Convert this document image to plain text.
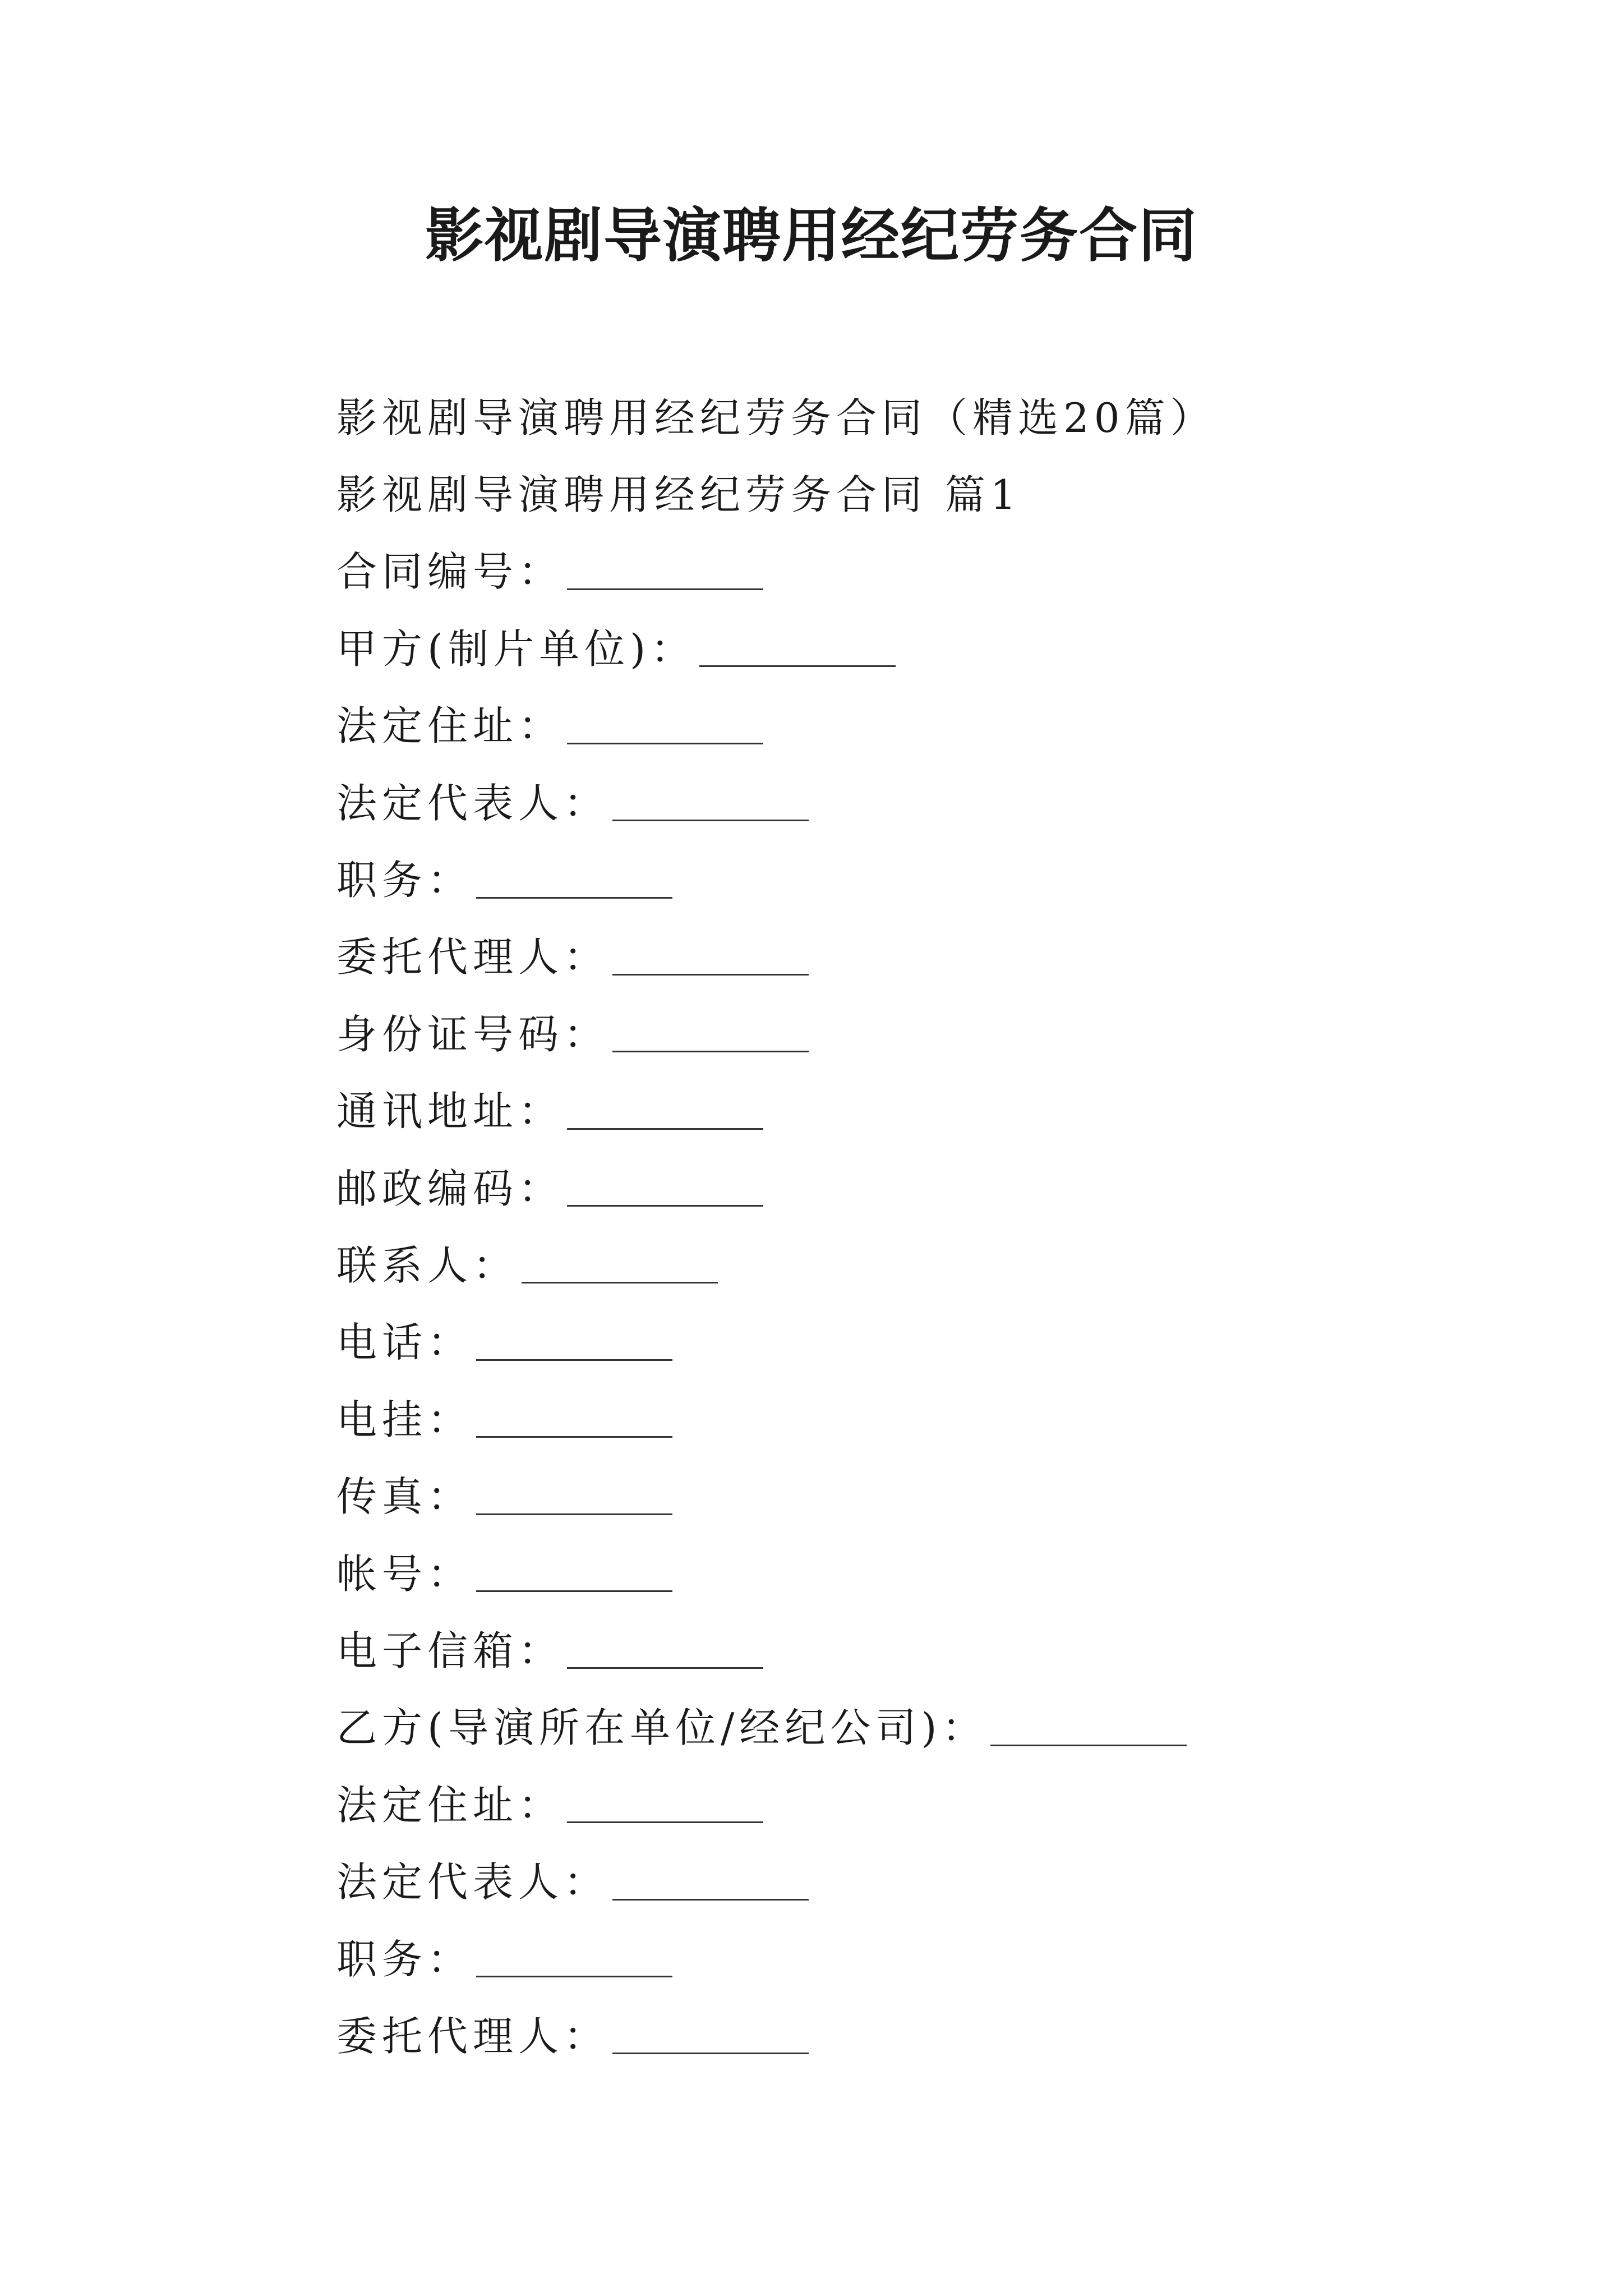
影视剧导演聘用经纪劳务合同
影视剧导演聘用经纪劳务合同（精选20篇）
影视剧导演聘用经纪劳务合同 篇1
合同编号：
甲方(制片单位)：
法定住址：
法定代表人：
职务：
委托代理人：
身份证号码：
通讯地址：
邮政编码：
联系人：
电话：
电挂：
传真：
帐号：
电子信箱：
乙方(导演所在单位/经纪公司)：
法定住址：
法定代表人：
职务：
委托代理人：
